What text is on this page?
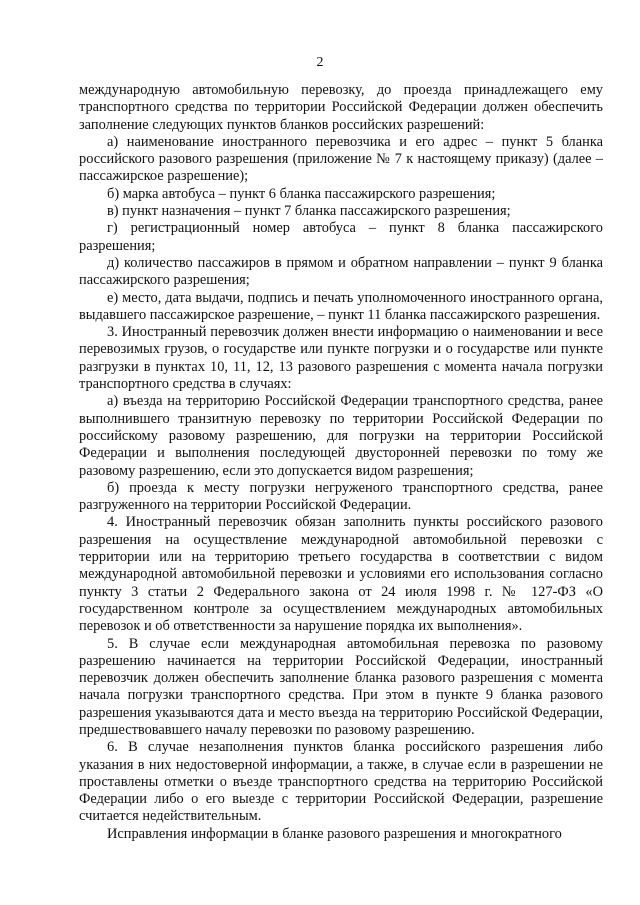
2

международную автомобильную перевозку, до проезда принадлежащего ему транспортного средства по территории Российской Федерации должен обеспечить заполнение следующих пунктов бланков российских разрешений:

а) наименование иностранного перевозчика и его адрес – пункт 5 бланка российского разового разрешения (приложение № 7 к настоящему приказу) (далее – пассажирское разрешение);

б) марка автобуса – пункт 6 бланка пассажирского разрешения;

в) пункт назначения – пункт 7 бланка пассажирского разрешения;

г) регистрационный номер автобуса – пункт 8 бланка пассажирского разрешения;

д) количество пассажиров в прямом и обратном направлении – пункт 9 бланка пассажирского разрешения;

е) место, дата выдачи, подпись и печать уполномоченного иностранного органа, выдавшего пассажирское разрешение, – пункт 11 бланка пассажирского разрешения.

3. Иностранный перевозчик должен внести информацию о наименовании и весе перевозимых грузов, о государстве или пункте погрузки и о государстве или пункте разгрузки в пунктах 10, 11, 12, 13 разового разрешения с момента начала погрузки транспортного средства в случаях:

а) въезда на территорию Российской Федерации транспортного средства, ранее выполнившего транзитную перевозку по территории Российской Федерации по российскому разовому разрешению, для погрузки на территории Российской Федерации и выполнения последующей двусторонней перевозки по тому же разовому разрешению, если это допускается видом разрешения;

б) проезда к месту погрузки негруженого транспортного средства, ранее разгруженного на территории Российской Федерации.

4. Иностранный перевозчик обязан заполнить пункты российского разового разрешения на осуществление международной автомобильной перевозки с территории или на территорию третьего государства в соответствии с видом международной автомобильной перевозки и условиями его использования согласно пункту 3 статьи 2 Федерального закона от 24 июля 1998 г. № 127-ФЗ «О государственном контроле за осуществлением международных автомобильных перевозок и об ответственности за нарушение порядка их выполнения».

5. В случае если международная автомобильная перевозка по разовому разрешению начинается на территории Российской Федерации, иностранный перевозчик должен обеспечить заполнение бланка разового разрешения с момента начала погрузки транспортного средства. При этом в пункте 9 бланка разового разрешения указываются дата и место въезда на территорию Российской Федерации, предшествовавшего началу перевозки по разовому разрешению.

6. В случае незаполнения пунктов бланка российского разрешения либо указания в них недостоверной информации, а также, в случае если в разрешении не проставлены отметки о въезде транспортного средства на территорию Российской Федерации либо о его выезде с территории Российской Федерации, разрешение считается недействительным.

Исправления информации в бланке разового разрешения и многократного
